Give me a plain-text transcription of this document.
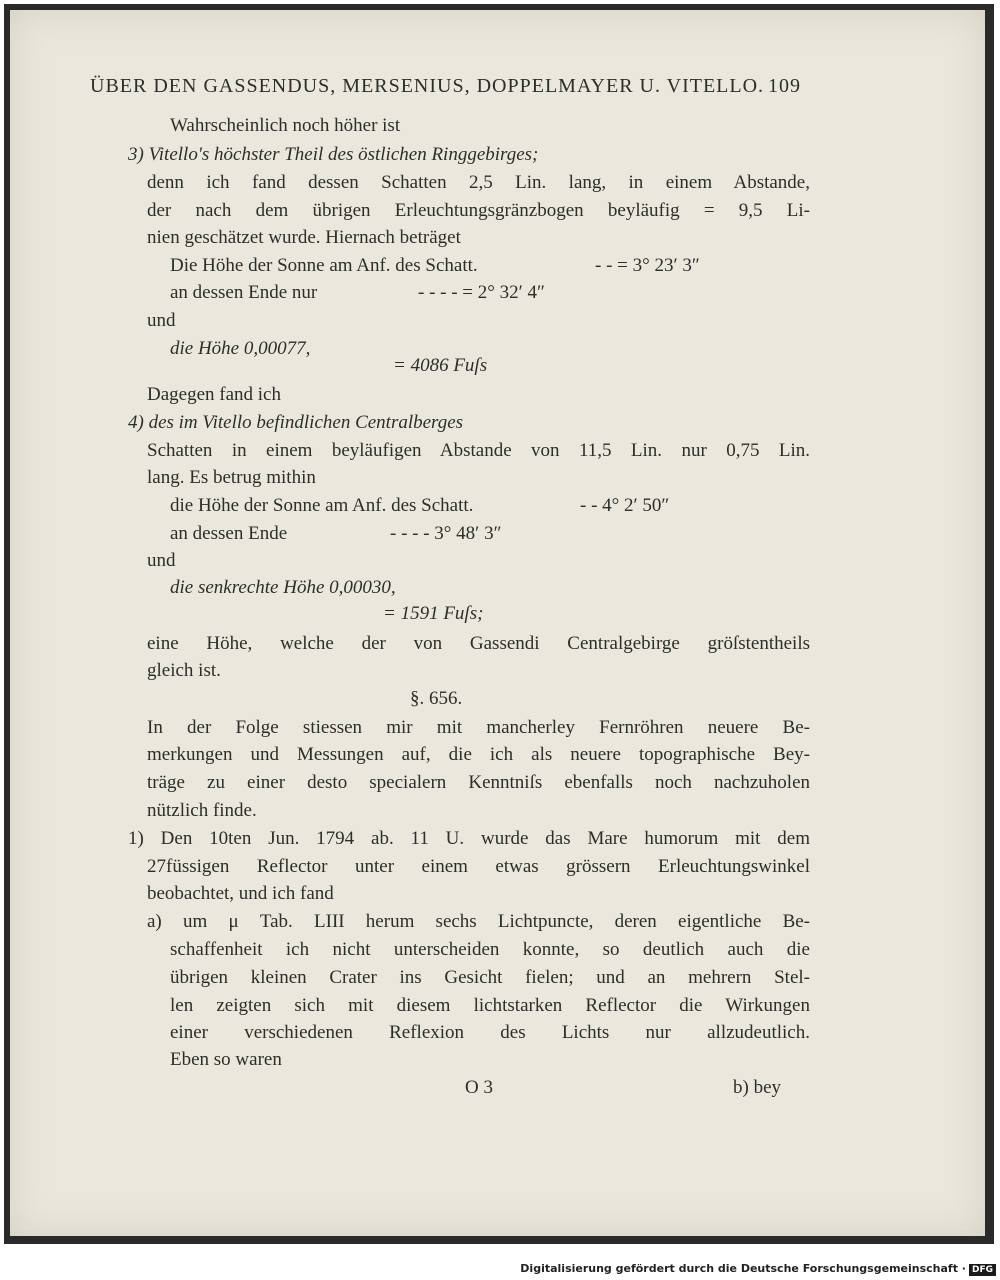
ÜBER DEN GASSENDUS, MERSENIUS, DOPPELMAYER U. VITELLO. 109
Wahrscheinlich noch höher ist
3) Vitello's höchster Theil des östlichen Ringgebirges;
denn ich fand dessen Schatten 2,5 Lin. lang, in einem Abstande,
der nach dem übrigen Erleuchtungsgränzbogen beyläufig = 9,5 Li-
nien geschätzet wurde. Hiernach beträget
Die Höhe der Sonne am Anf. des Schatt.	- - = 3° 23′ 3″
an dessen Ende nur	- - - - = 2° 32′ 4″
und
die Höhe 0,00077,
= 4086 Fuſs
Dagegen fand ich
4) des im Vitello befindlichen Centralberges
Schatten in einem beyläufigen Abstande von 11,5 Lin. nur 0,75 Lin.
lang. Es betrug mithin
die Höhe der Sonne am Anf. des Schatt.	- - 4° 2′ 50″
an dessen Ende	- - - - 3° 48′ 3″
und
die senkrechte Höhe 0,00030,
= 1591 Fuſs;
eine Höhe, welche der von Gassendi Centralgebirge gröſstentheils
gleich ist.
§. 656.
In der Folge stiessen mir mit mancherley Fernröhren neuere Be-
merkungen und Messungen auf, die ich als neuere topographische Bey-
träge zu einer desto specialern Kenntniſs ebenfalls noch nachzuholen
nützlich finde.
1) Den 10ten Jun. 1794 ab. 11 U. wurde das Mare humorum mit dem
27füssigen Reflector unter einem etwas grössern Erleuchtungswinkel
beobachtet, und ich fand
a) um μ Tab. LIII herum sechs Lichtpuncte, deren eigentliche Be-
schaffenheit ich nicht unterscheiden konnte, so deutlich auch die
übrigen kleinen Crater ins Gesicht fielen; und an mehrern Stel-
len zeigten sich mit diesem lichtstarken Reflector die Wirkungen
einer verschiedenen Reflexion des Lichts nur allzudeutlich.
Eben so waren
O 3	b) bey
Digitalisierung gefördert durch die Deutsche Forschungsgemeinschaft · DFG
